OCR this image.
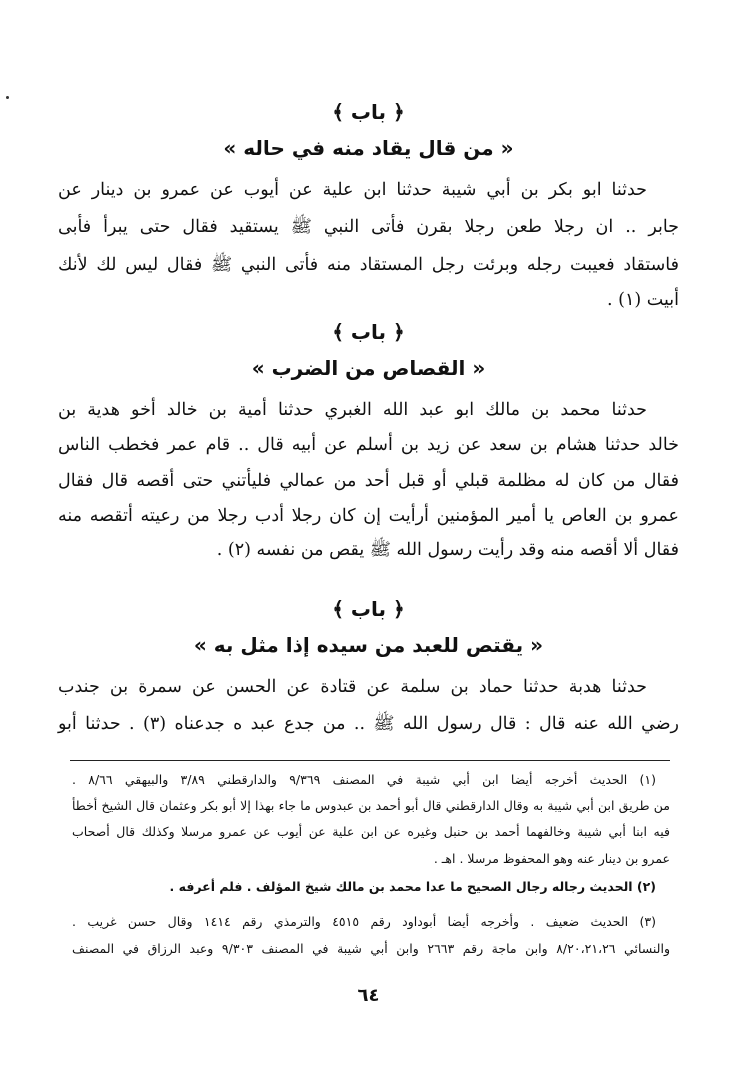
﴿ باب ﴾
« من قال يقاد منه في حاله »
حدثنا ابو بكر بن أبي شيبة حدثنا ابن علية عن أيوب عن عمرو بن دينار عن
جابر .. ان رجلا طعن رجلا بقرن فأتى النبي ﷺ يستقيد فقال حتى يبرأ فأبى
فاستقاد فعيبت رجله وبرئت رجل المستقاد منه فأتى النبي ﷺ فقال ليس لك لأنك
أبيت (١) .
﴿ باب ﴾
« القصاص من الضرب »
حدثنا محمد بن مالك ابو عبد الله الغبري حدثنا أمية بن خالد أخو هدية بن
خالد حدثنا هشام بن سعد عن زيد بن أسلم عن أبيه قال .. قام عمر فخطب الناس
فقال من كان له مظلمة قبلي أو قبل أحد من عمالي فليأتني حتى أقصه قال فقال
عمرو بن العاص يا أمير المؤمنين أرأيت إن كان رجلا أدب رجلا من رعيته أتقصه منه
فقال ألا أقصه منه وقد رأيت رسول الله ﷺ يقص من نفسه (٢) .
﴿ باب ﴾
« يقتص للعبد من سيده إذا مثل به »
حدثنا هدبة حدثنا حماد بن سلمة عن قتادة عن الحسن عن سمرة بن جندب
رضي الله عنه قال : قال رسول الله ﷺ .. من جدع عبد ه جدعناه (٣) . حدثنا أبو
(١) الحديث أخرجه أيضا ابن أبي شيبة في المصنف ٩/٣٦٩ والدارقطني ٣/٨٩ والبيهقي ٨/٦٦ .
من طريق ابن أبي شيبة به وقال الدارقطني قال أبو أحمد بن عبدوس ما جاء بهذا إلا أبو بكر وعثمان قال الشيخ أخطأ
فيه ابنا أبي شيبة وخالفهما أحمد بن حنبل وغيره عن ابن علية عن أيوب عن عمرو مرسلا وكذلك قال أصحاب
عمرو بن دينار عنه وهو المحفوظ مرسلا . اهـ .
(٢) الحديث رجاله رجال الصحيح ما عدا محمد بن مالك شيخ المؤلف . فلم أعرفه .
(٣) الحديث ضعيف . وأخرجه أيضا أبوداود رقم ٤٥١٥ والترمذي رقم ١٤١٤ وقال حسن غريب .
والنسائي ٨/٢٠،٢١،٢٦ وابن ماجة رقم ٢٦٦٣ وابن أبي شيبة في المصنف ٩/٣٠٣ وعبد الرزاق في المصنف
٦٤
